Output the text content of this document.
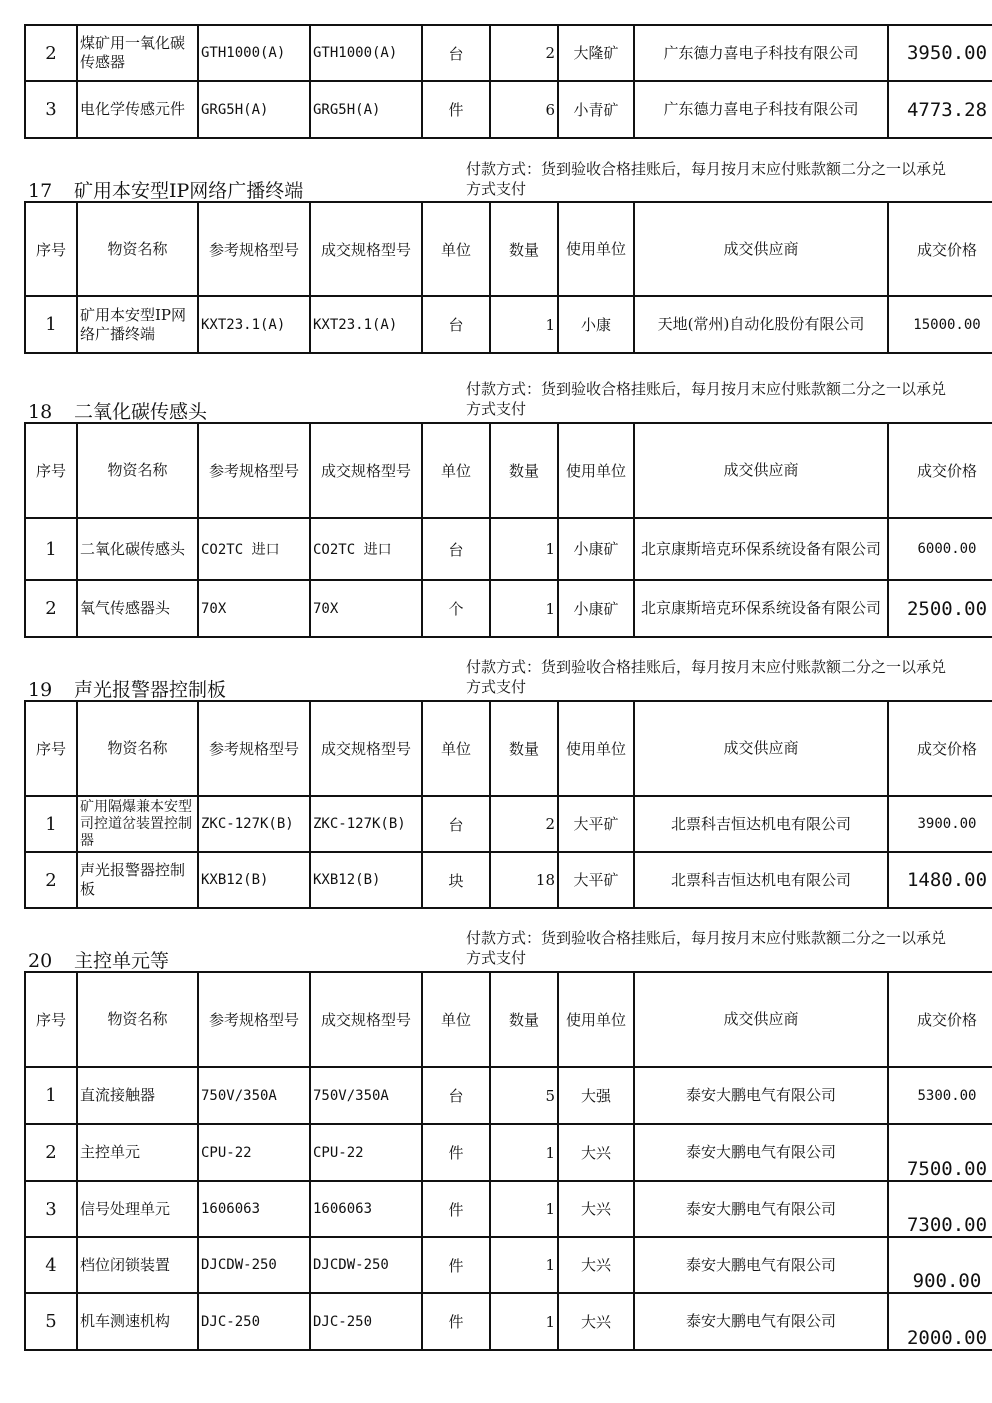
2	煤矿用一氧化碳传感器	GTH1000(A)	GTH1000(A)	台	2	大隆矿	广东德力喜电子科技有限公司	3950.00
3	电化学传感元件	GRG5H(A)	GRG5H(A)	件	6	小青矿	广东德力喜电子科技有限公司	4773.28
付款方式：货到验收合格挂账后，每月按月末应付账款额二分之一以承兑方式支付
17 矿用本安型IP网络广播终端
序号	物资名称	参考规格型号	成交规格型号	单位	数量	使用单位	成交供应商	成交价格
1	矿用本安型IP网络广播终端	KXT23.1(A)	KXT23.1(A)	台	1	小康	天地(常州)自动化股份有限公司	15000.00
付款方式：货到验收合格挂账后，每月按月末应付账款额二分之一以承兑方式支付
18 二氧化碳传感头
序号	物资名称	参考规格型号	成交规格型号	单位	数量	使用单位	成交供应商	成交价格
1	二氧化碳传感头	CO2TC 进口	CO2TC 进口	台	1	小康矿	北京康斯培克环保系统设备有限公司	6000.00
2	氧气传感器头	70X	70X	个	1	小康矿	北京康斯培克环保系统设备有限公司	2500.00
付款方式：货到验收合格挂账后，每月按月末应付账款额二分之一以承兑方式支付
19 声光报警器控制板
序号	物资名称	参考规格型号	成交规格型号	单位	数量	使用单位	成交供应商	成交价格
1	矿用隔爆兼本安型司控道岔装置控制器	ZKC-127K(B)	ZKC-127K(B)	台	2	大平矿	北票科吉恒达机电有限公司	3900.00
2	声光报警器控制板	KXB12(B)	KXB12(B)	块	18	大平矿	北票科吉恒达机电有限公司	1480.00
付款方式：货到验收合格挂账后，每月按月末应付账款额二分之一以承兑方式支付
20 主控单元等
序号	物资名称	参考规格型号	成交规格型号	单位	数量	使用单位	成交供应商	成交价格
1	直流接触器	750V/350A	750V/350A	台	5	大强	泰安大鹏电气有限公司	5300.00
2	主控单元	CPU-22	CPU-22	件	1	大兴	泰安大鹏电气有限公司	7500.00
3	信号处理单元	1606063	1606063	件	1	大兴	泰安大鹏电气有限公司	7300.00
4	档位闭锁装置	DJCDW-250	DJCDW-250	件	1	大兴	泰安大鹏电气有限公司	900.00
5	机车测速机构	DJC-250	DJC-250	件	1	大兴	泰安大鹏电气有限公司	2000.00
